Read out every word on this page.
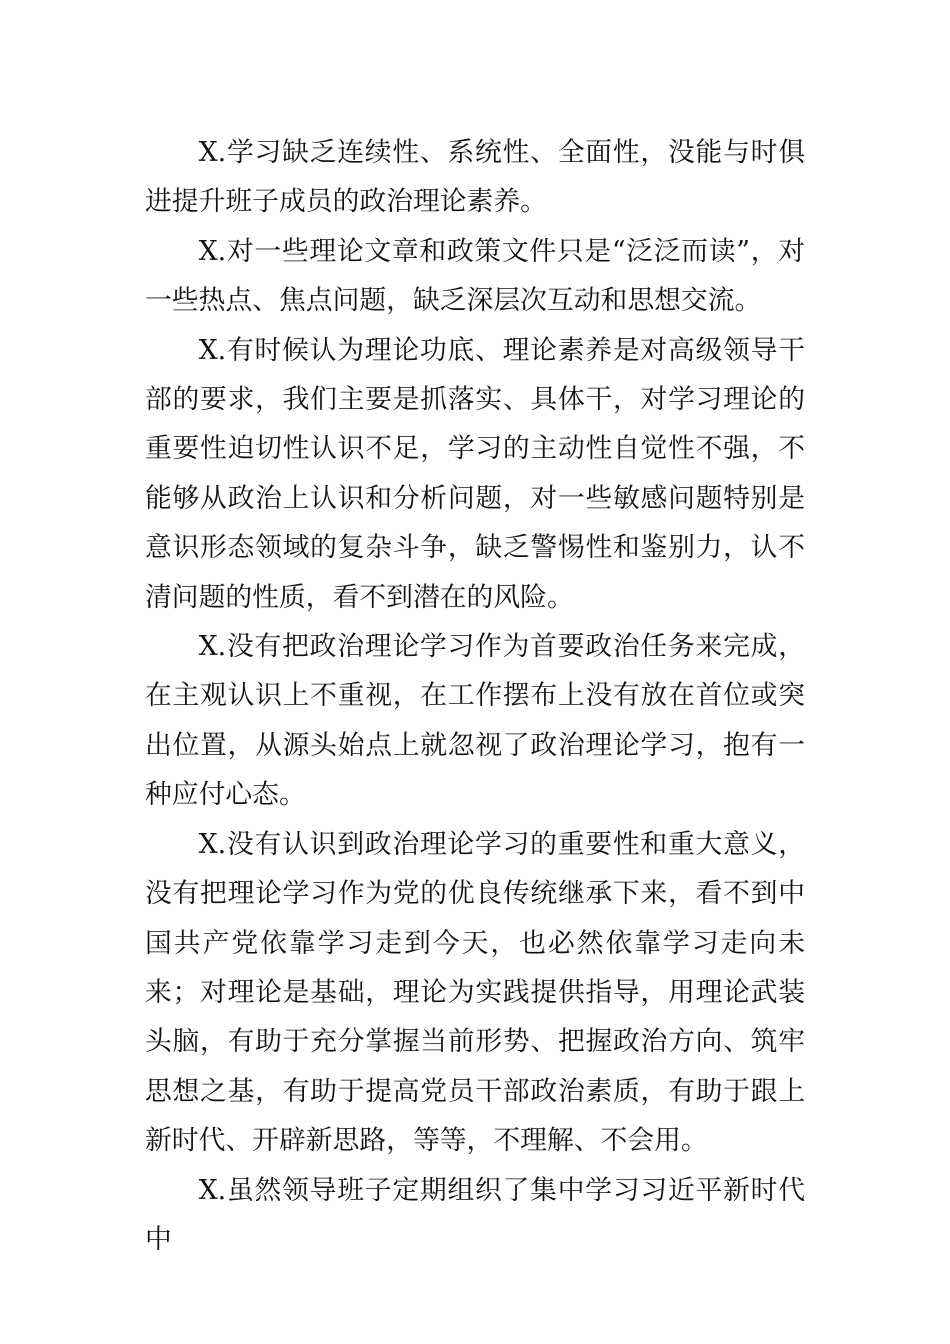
X.学习缺乏连续性、系统性、全面性，没能与时俱进提升班子成员的政治理论素养。

X.对一些理论文章和政策文件只是“泛泛而读”，对一些热点、焦点问题，缺乏深层次互动和思想交流。

X.有时候认为理论功底、理论素养是对高级领导干部的要求，我们主要是抓落实、具体干，对学习理论的重要性迫切性认识不足，学习的主动性自觉性不强，不能够从政治上认识和分析问题，对一些敏感问题特别是意识形态领域的复杂斗争，缺乏警惕性和鉴别力，认不清问题的性质，看不到潜在的风险。

X.没有把政治理论学习作为首要政治任务来完成，在主观认识上不重视，在工作摆布上没有放在首位或突出位置，从源头始点上就忽视了政治理论学习，抱有一种应付心态。

X.没有认识到政治理论学习的重要性和重大意义，没有把理论学习作为党的优良传统继承下来，看不到中国共产党依靠学习走到今天，也必然依靠学习走向未来；对理论是基础，理论为实践提供指导，用理论武装头脑，有助于充分掌握当前形势、把握政治方向、筑牢思想之基，有助于提高党员干部政治素质，有助于跟上新时代、开辟新思路，等等，不理解、不会用。

X.虽然领导班子定期组织了集中学习习近平新时代中
